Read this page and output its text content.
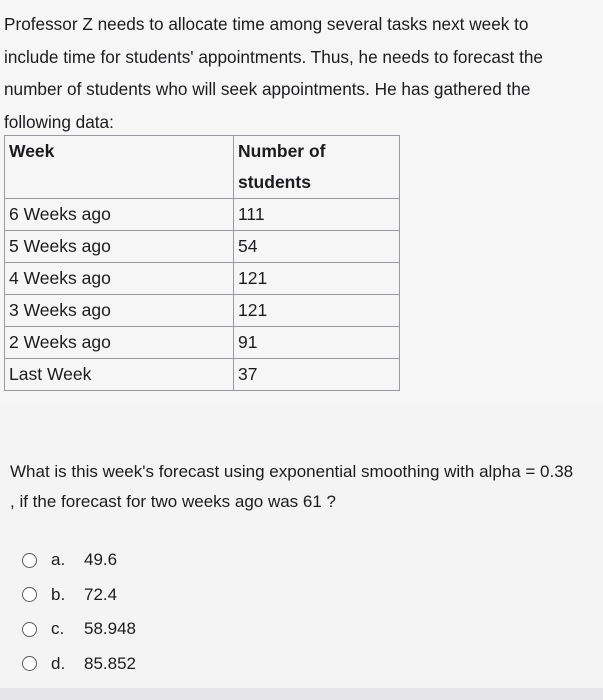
Professor Z needs to allocate time among several tasks next week to
include time for students' appointments. Thus, he needs to forecast the
number of students who will seek appointments. He has gathered the
following data:

Week	Number of students
6 Weeks ago	111
5 Weeks ago	54
4 Weeks ago	121
3 Weeks ago	121
2 Weeks ago	91
Last Week	37

What is this week's forecast using exponential smoothing with alpha = 0.38
, if the forecast for two weeks ago was 61 ?

a.	49.6
b.	72.4
c.	58.948
d.	85.852
